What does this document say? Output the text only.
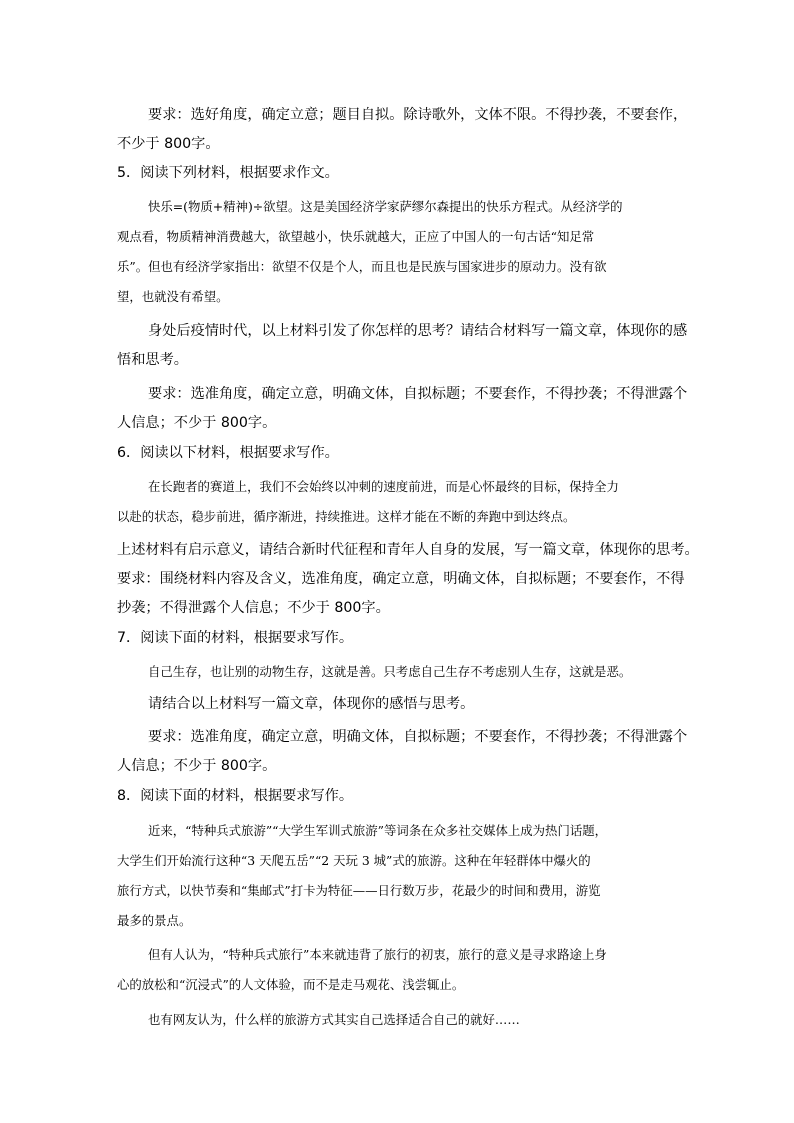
要求：选好角度，确定立意；题目自拟。除诗歌外，文体不限。不得抄袭，不要套作，
不少于 800字。
5．阅读下列材料，根据要求作文。
快乐=(物质+精神)÷欲望。这是美国经济学家萨缪尔森提出的快乐方程式。从经济学的
观点看，物质精神消费越大，欲望越小，快乐就越大，正应了中国人的一句古话“知足常
乐”。但也有经济学家指出：欲望不仅是个人，而且也是民族与国家进步的原动力。没有欲
望，也就没有希望。
身处后疫情时代，以上材料引发了你怎样的思考？请结合材料写一篇文章，体现你的感
悟和思考。
要求：选准角度，确定立意，明确文体，自拟标题；不要套作，不得抄袭；不得泄露个
人信息；不少于 800字。
6．阅读以下材料，根据要求写作。
在长跑者的赛道上，我们不会始终以冲刺的速度前进，而是心怀最终的目标，保持全力
以赴的状态，稳步前进，循序渐进，持续推进。这样才能在不断的奔跑中到达终点。
上述材料有启示意义，请结合新时代征程和青年人自身的发展，写一篇文章，体现你的思考。
要求：围绕材料内容及含义，选准角度，确定立意，明确文体，自拟标题；不要套作，不得
抄袭；不得泄露个人信息；不少于 800字。
7．阅读下面的材料，根据要求写作。
自己生存，也让别的动物生存，这就是善。只考虑自己生存不考虑别人生存，这就是恶。
请结合以上材料写一篇文章，体现你的感悟与思考。
要求：选准角度，确定立意，明确文体，自拟标题；不要套作，不得抄袭；不得泄露个
人信息；不少于 800字。
8．阅读下面的材料，根据要求写作。
近来，“特种兵式旅游”“大学生军训式旅游”等词条在众多社交媒体上成为热门话题，
大学生们开始流行这种“3 天爬五岳”“2 天玩 3 城”式的旅游。这种在年轻群体中爆火的
旅行方式，以快节奏和“集邮式”打卡为特征——日行数万步，花最少的时间和费用，游览
最多的景点。
但有人认为，“特种兵式旅行”本来就违背了旅行的初衷，旅行的意义是寻求路途上身
心的放松和“沉浸式”的人文体验，而不是走马观花、浅尝辄止。
也有网友认为，什么样的旅游方式其实自己选择适合自己的就好……
